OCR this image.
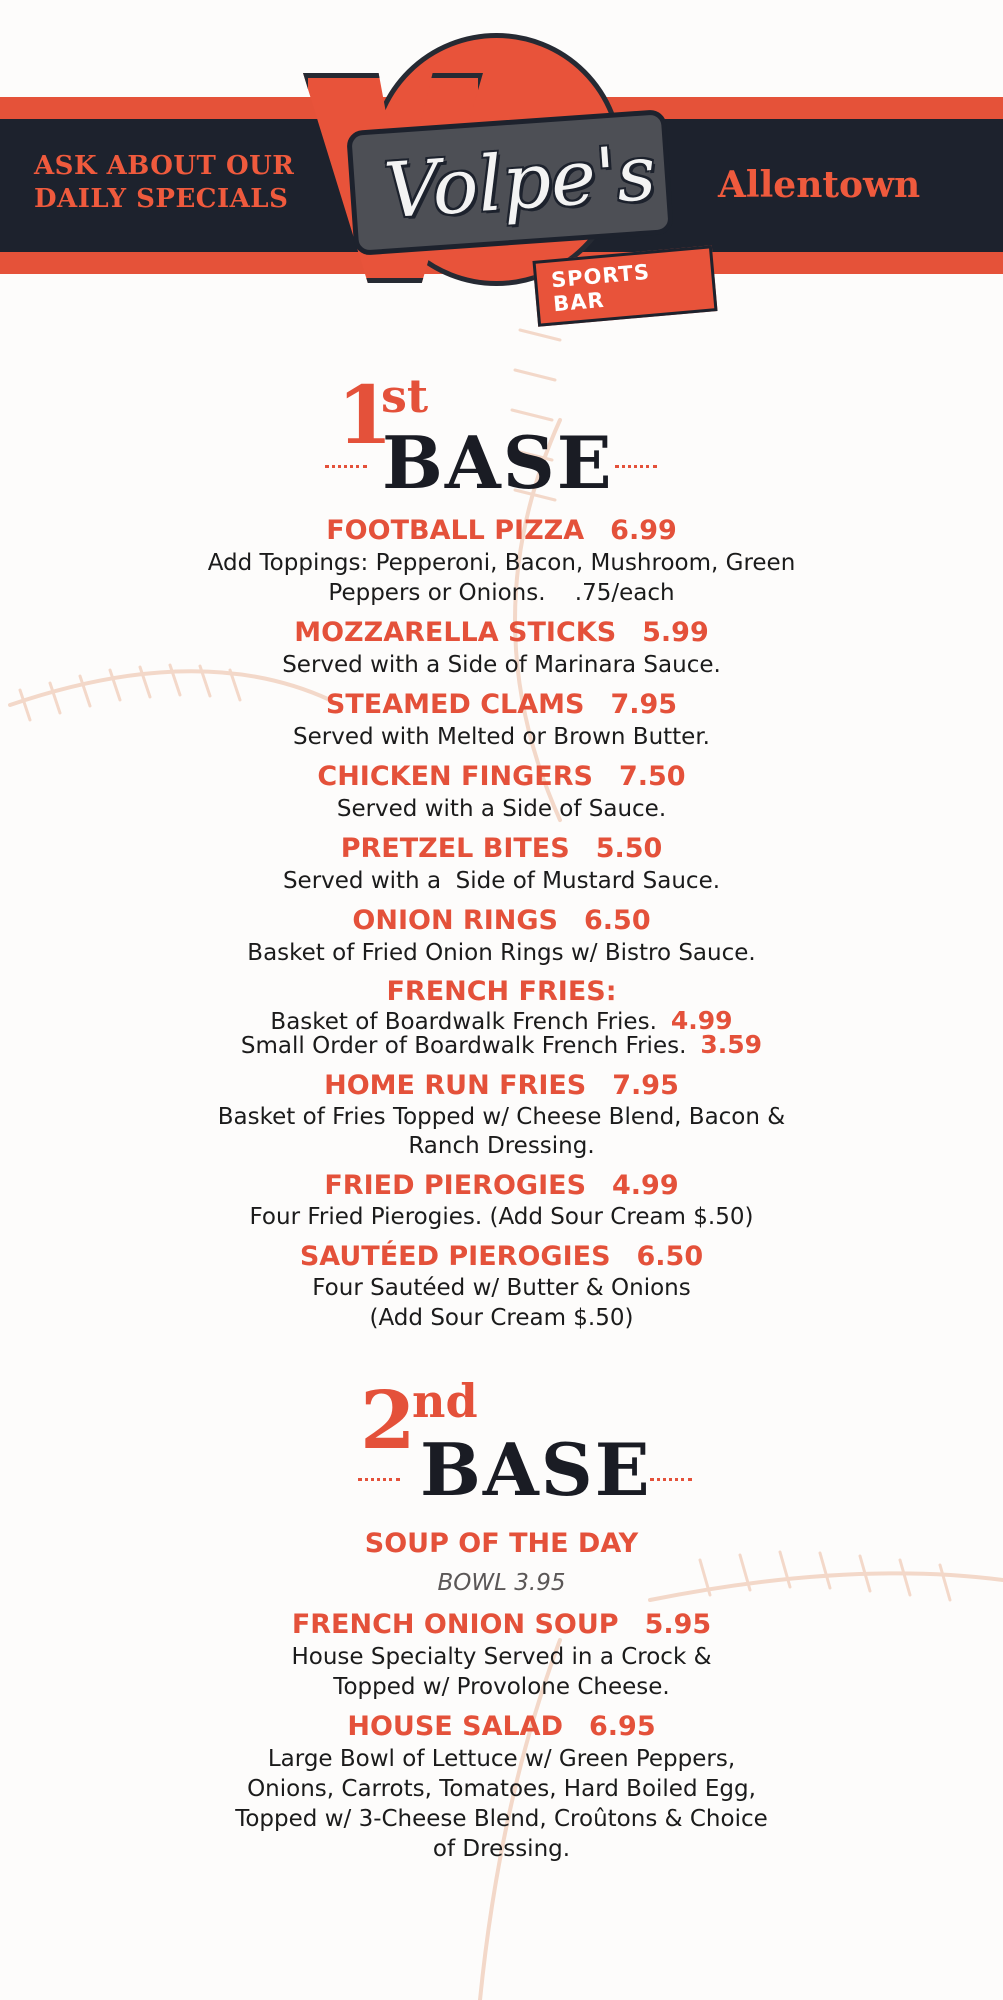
ASK ABOUT OUR
DAILY SPECIALS	Allentown
Volpe's
SPORTS BAR
1
st
BASE
FOOTBALL PIZZA 6.99
Add Toppings: Pepperoni, Bacon, Mushroom, Green
Peppers or Onions.    .75/each
MOZZARELLA STICKS 5.99
Served with a Side of Marinara Sauce.
STEAMED CLAMS 7.95
Served with Melted or Brown Butter.
CHICKEN FINGERS 7.50
Served with a Side of Sauce.
PRETZEL BITES 5.50
Served with a  Side of Mustard Sauce.
ONION RINGS 6.50
Basket of Fried Onion Rings w/ Bistro Sauce.
FRENCH FRIES:
Basket of Boardwalk French Fries. 4.99
Small Order of Boardwalk French Fries. 3.59
HOME RUN FRIES 7.95
Basket of Fries Topped w/ Cheese Blend, Bacon &
Ranch Dressing.
FRIED PIEROGIES 4.99
Four Fried Pierogies. (Add Sour Cream $.50)
SAUTÉED PIEROGIES 6.50
Four Sautéed w/ Butter & Onions
(Add Sour Cream $.50)
2
nd
BASE
SOUP OF THE DAY
BOWL 3.95
FRENCH ONION SOUP 5.95
House Specialty Served in a Crock &
Topped w/ Provolone Cheese.
HOUSE SALAD 6.95
Large Bowl of Lettuce w/ Green Peppers,
Onions, Carrots, Tomatoes, Hard Boiled Egg,
Topped w/ 3-Cheese Blend, Croûtons & Choice
of Dressing.
